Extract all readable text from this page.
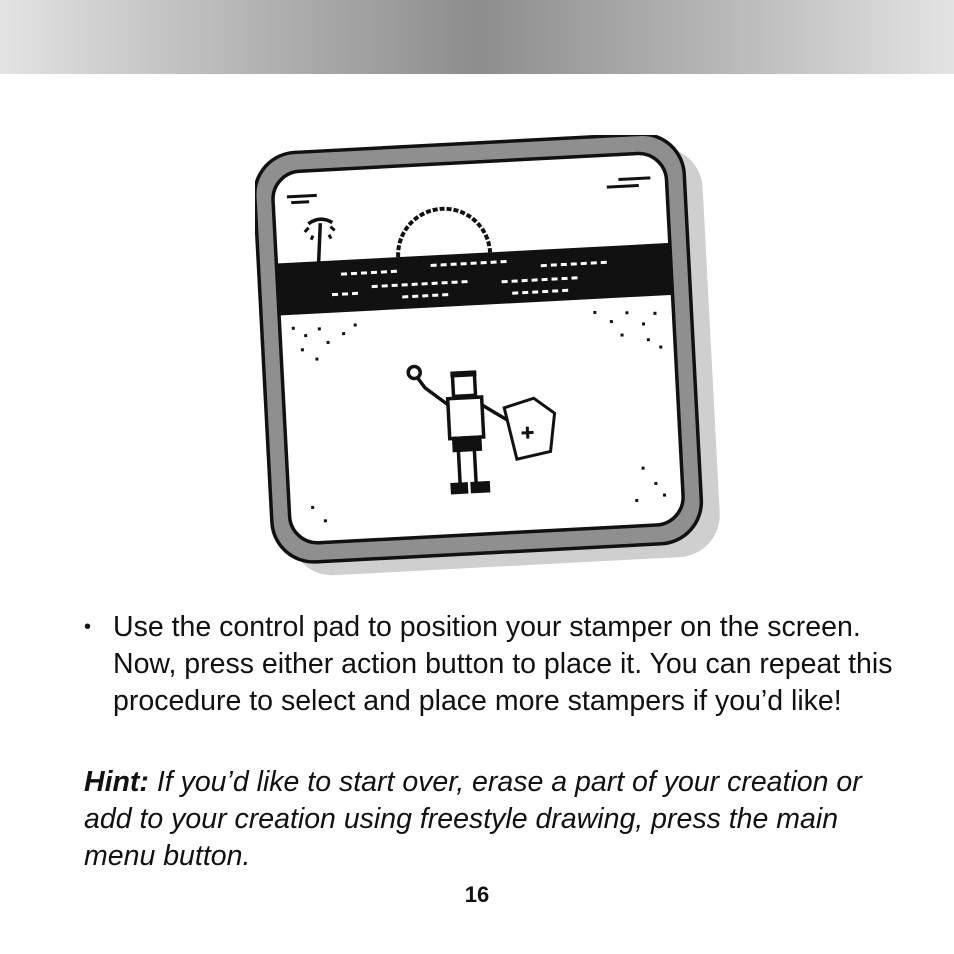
• Use the control pad to position your stamper on the screen. Now, press either action button to place it. You can repeat this procedure to select and place more stampers if you’d like!
Hint: If you’d like to start over, erase a part of your creation or add to your creation using freestyle drawing, press the main menu button.
16
